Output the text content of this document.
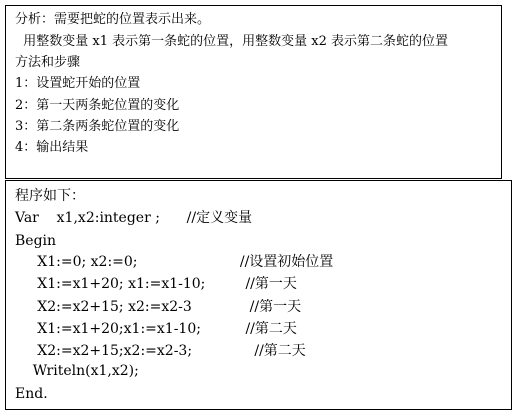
分析：需要把蛇的位置表示出来。
用整数变量 x1 表示第一条蛇的位置，用整数变量 x2 表示第二条蛇的位置
方法和步骤
1：设置蛇开始的位置
2：第一天两条蛇位置的变化
3：第二条两条蛇位置的变化
4：输出结果
程序如下：
Var    x1,x2:integer ;      //定义变量
Begin
X1:=0; x2:=0;                       //设置初始位置
X1:=x1+20; x1:=x1-10;         //第一天
X2:=x2+15; x2:=x2-3             //第一天
X1:=x1+20;x1:=x1-10;          //第二天
X2:=x2+15;x2:=x2-3;              //第二天
Writeln(x1,x2);
End.
